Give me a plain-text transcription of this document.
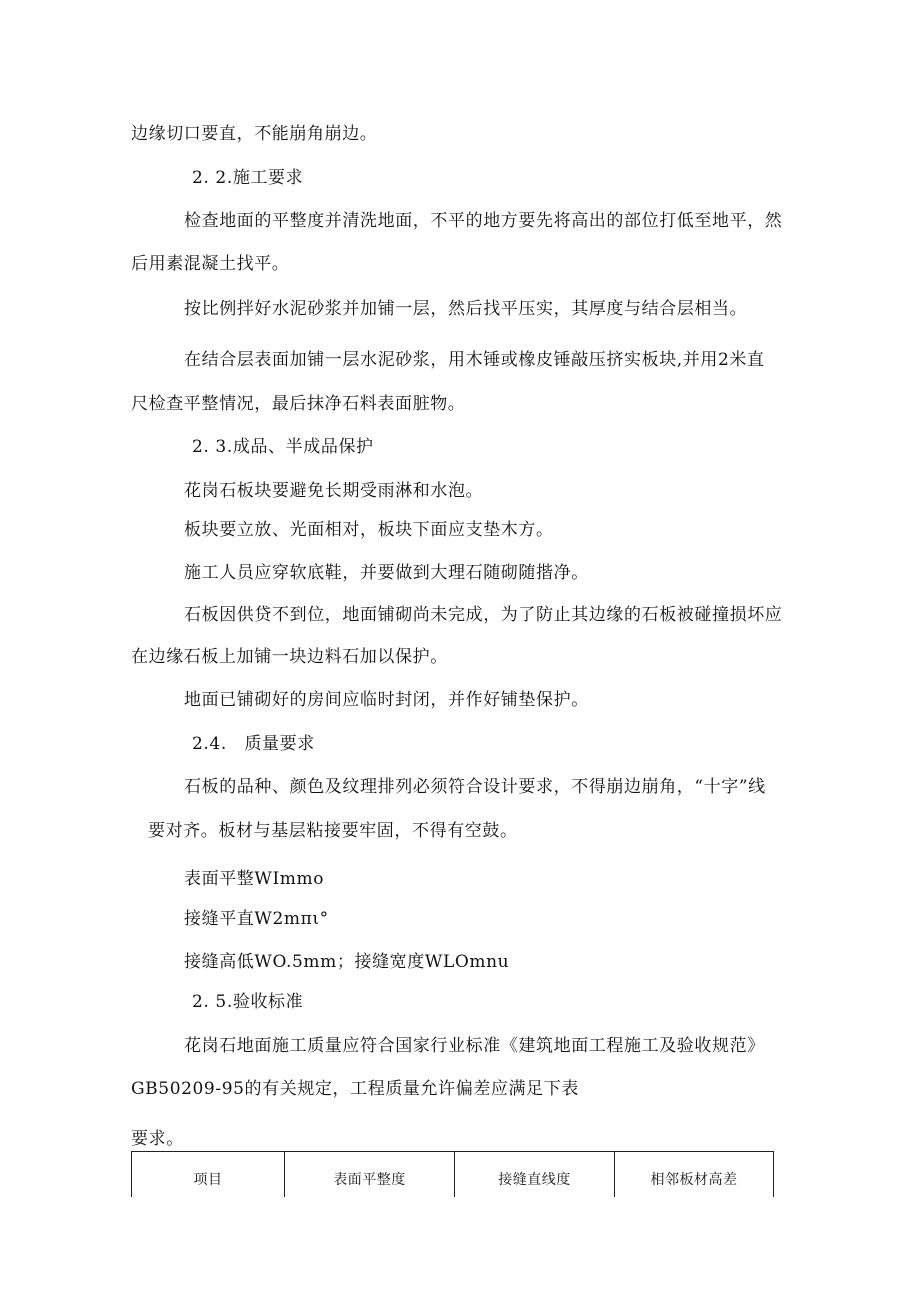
边缘切口要直，不能崩角崩边。
2. 2.施工要求
检查地面的平整度并清洗地面，不平的地方要先将高出的部位打低至地平，然
后用素混凝土找平。
按比例拌好水泥砂浆并加铺一层，然后找平压实，其厚度与结合层相当。
在结合层表面加铺一层水泥砂浆，用木锤或橡皮锤敲压挤实板块,并用2米直
尺检查平整情况，最后抹净石料表面脏物。
2. 3.成品、半成品保护
花岗石板块要避免长期受雨淋和水泡。
板块要立放、光面相对，板块下面应支垫木方。
施工人员应穿软底鞋，并要做到大理石随砌随揩净。
石板因供贷不到位，地面铺砌尚未完成，为了防止其边缘的石板被碰撞损坏应
在边缘石板上加铺一块边料石加以保护。
地面已铺砌好的房间应临时封闭，并作好铺垫保护。
2.4.　质量要求
石板的品种、颜色及纹理排列必须符合设计要求，不得崩边崩角，“十字”线
要对齐。板材与基层粘接要牢固，不得有空鼓。
表面平整WImmo
接缝平直W2mπι°
接缝高低WO.5mm；接缝宽度WLOmnu
2. 5.验收标准
花岗石地面施工质量应符合国家行业标准《建筑地面工程施工及验收规范》
GB50209-95的有关规定，工程质量允许偏差应满足下表
要求。
项目	表面平整度	接缝直线度	相邻板材高差
